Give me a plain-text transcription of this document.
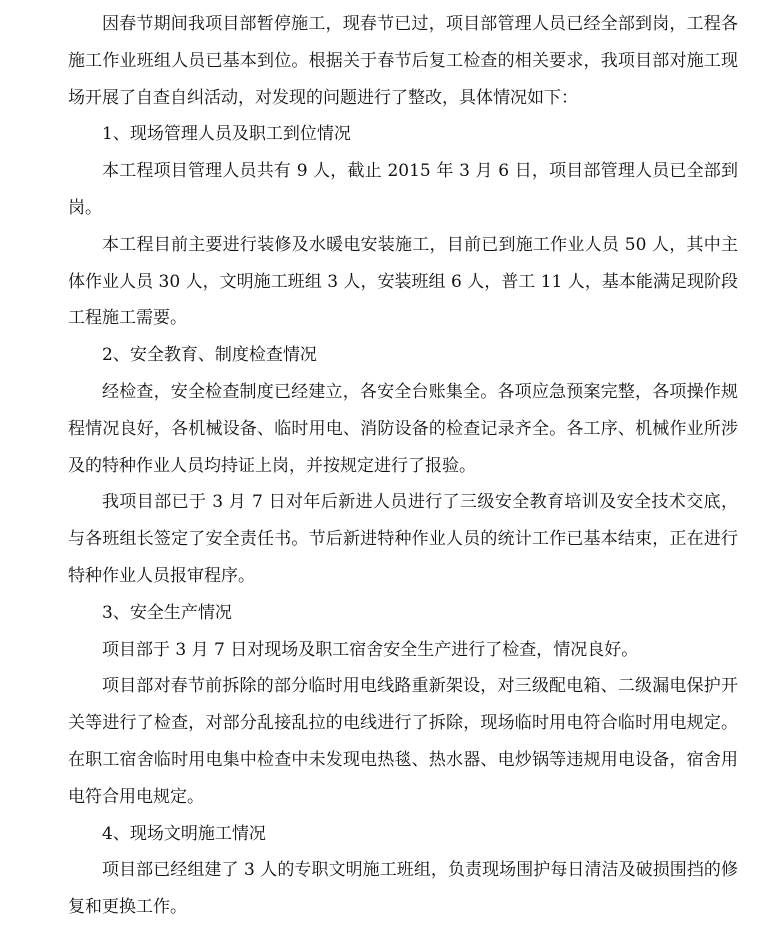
因春节期间我项目部暂停施工，现春节已过，项目部管理人员已经全部到岗，工程各施工作业班组人员已基本到位。根据关于春节后复工检查的相关要求，我项目部对施工现场开展了自查自纠活动，对发现的问题进行了整改，具体情况如下：

1、现场管理人员及职工到位情况

本工程项目管理人员共有 9 人，截止 2015 年 3 月 6 日，项目部管理人员已全部到岗。

本工程目前主要进行装修及水暖电安装施工，目前已到施工作业人员 50 人，其中主体作业人员 30 人，文明施工班组 3 人，安装班组 6 人，普工 11 人，基本能满足现阶段工程施工需要。

2、安全教育、制度检查情况

经检查，安全检查制度已经建立，各安全台账集全。各项应急预案完整，各项操作规程情况良好，各机械设备、临时用电、消防设备的检查记录齐全。各工序、机械作业所涉及的特种作业人员均持证上岗，并按规定进行了报验。

我项目部已于 3 月 7 日对年后新进人员进行了三级安全教育培训及安全技术交底，与各班组长签定了安全责任书。节后新进特种作业人员的统计工作已基本结束，正在进行特种作业人员报审程序。

3、安全生产情况

项目部于 3 月 7 日对现场及职工宿舍安全生产进行了检查，情况良好。

项目部对春节前拆除的部分临时用电线路重新架设，对三级配电箱、二级漏电保护开关等进行了检查，对部分乱接乱拉的电线进行了拆除，现场临时用电符合临时用电规定。在职工宿舍临时用电集中检查中未发现电热毯、热水器、电炒锅等违规用电设备，宿舍用电符合用电规定。

4、现场文明施工情况

项目部已经组建了 3 人的专职文明施工班组，负责现场围护每日清洁及破损围挡的修复和更换工作。
